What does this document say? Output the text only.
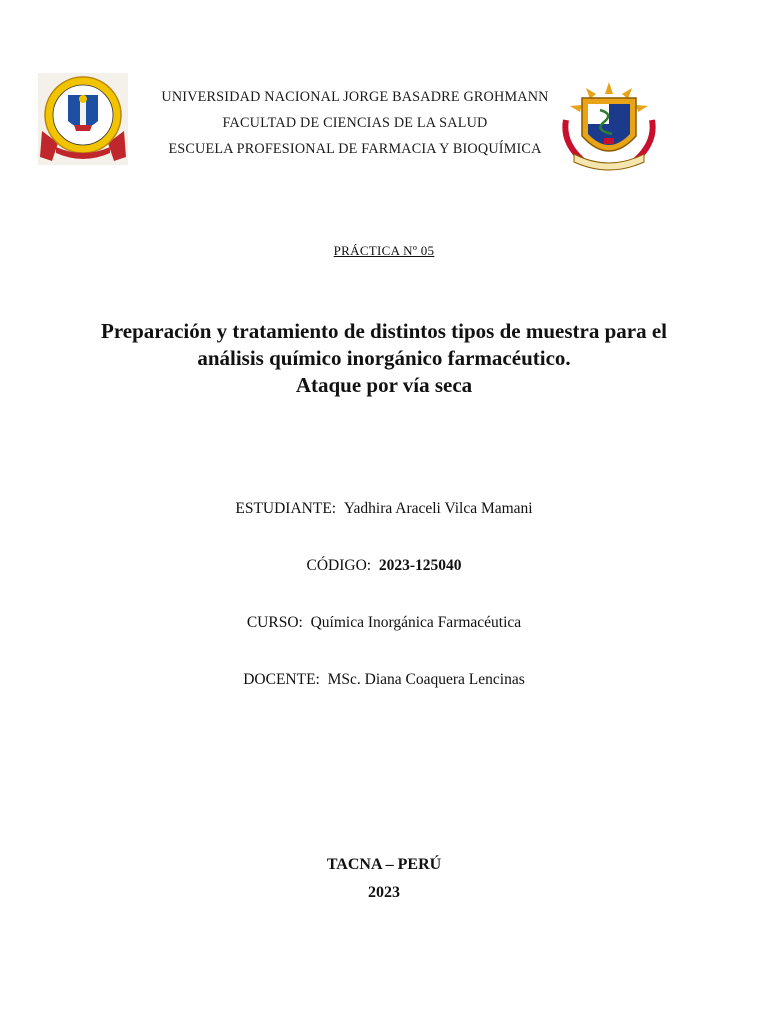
UNIVERSIDAD NACIONAL JORGE BASADRE GROHMANN
FACULTAD DE CIENCIAS DE LA SALUD
ESCUELA PROFESIONAL DE FARMACIA Y BIOQUÍMICA
PRÁCTICA Nº 05
Preparación y tratamiento de distintos tipos de muestra para el
análisis químico inorgánico farmacéutico.
Ataque por vía seca
ESTUDIANTE: Yadhira Araceli Vilca Mamani
CÓDIGO: 2023-125040
CURSO: Química Inorgánica Farmacéutica
DOCENTE: MSc. Diana Coaquera Lencinas
TACNA – PERÚ
2023
